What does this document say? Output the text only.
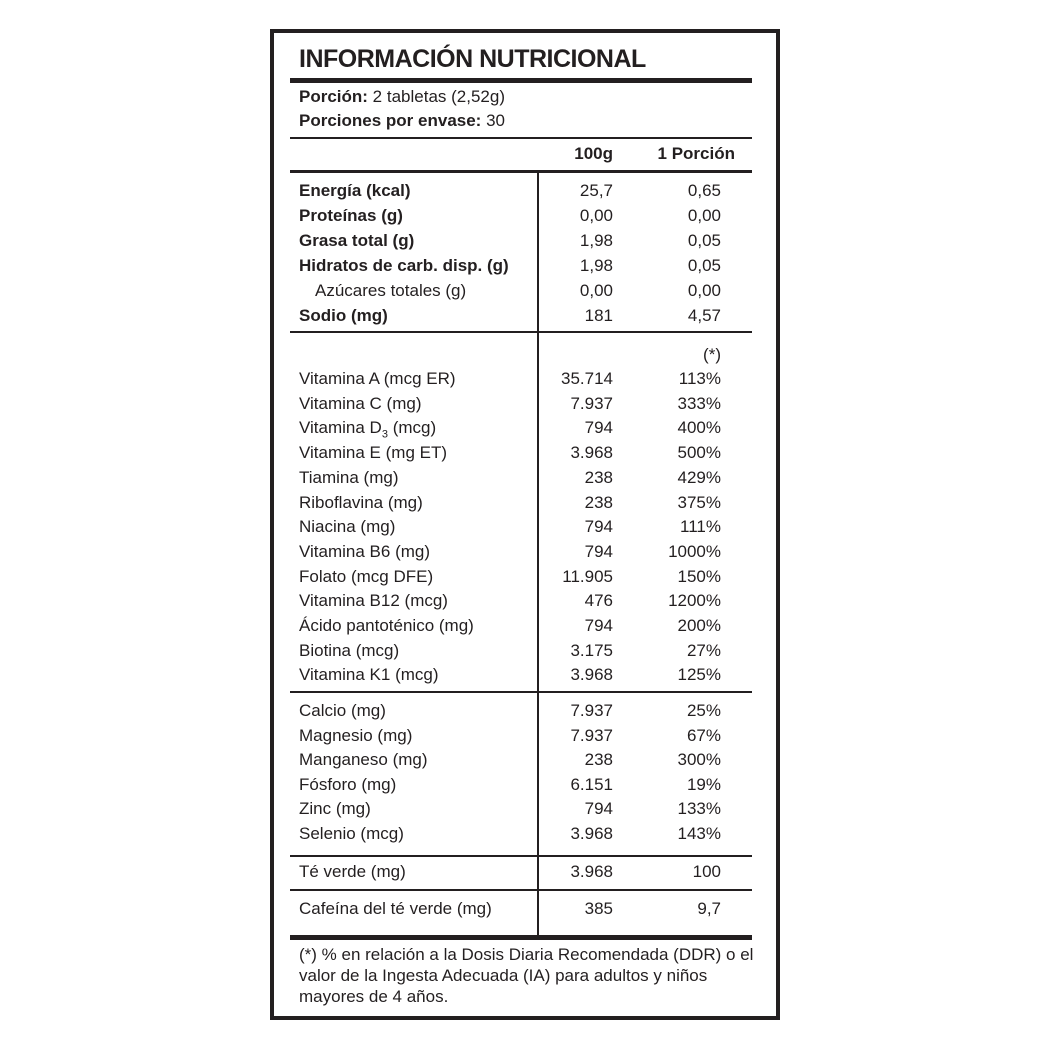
INFORMACIÓN NUTRICIONAL
Porción: 2 tabletas (2,52g)
Porciones por envase: 30
100g	1 Porción
Energía (kcal)	25,7	0,65
Proteínas (g)	0,00	0,00
Grasa total (g)	1,98	0,05
Hidratos de carb. disp. (g)	1,98	0,05
Azúcares totales (g)	0,00	0,00
Sodio (mg)	181	4,57
(*)
Vitamina A (mcg ER)	35.714	113%
Vitamina C (mg)	7.937	333%
Vitamina $D_3$ (mcg)	794	400%
Vitamina E (mg ET)	3.968	500%
Tiamina (mg)	238	429%
Riboflavina (mg)	238	375%
Niacina (mg)	794	111%
Vitamina B6 (mg)	794	1000%
Folato (mcg DFE)	11.905	150%
Vitamina B12 (mcg)	476	1200%
Ácido pantoténico (mg)	794	200%
Biotina (mcg)	3.175	27%
Vitamina K1 (mcg)	3.968	125%
Calcio (mg)	7.937	25%
Magnesio (mg)	7.937	67%
Manganeso (mg)	238	300%
Fósforo (mg)	6.151	19%
Zinc (mg)	794	133%
Selenio (mcg)	3.968	143%
Té verde (mg)	3.968	100
Cafeína del té verde (mg)	385	9,7
(*) % en relación a la Dosis Diaria Recomendada (DDR) o el valor de la Ingesta Adecuada (IA) para adultos y niños mayores de 4 años.
